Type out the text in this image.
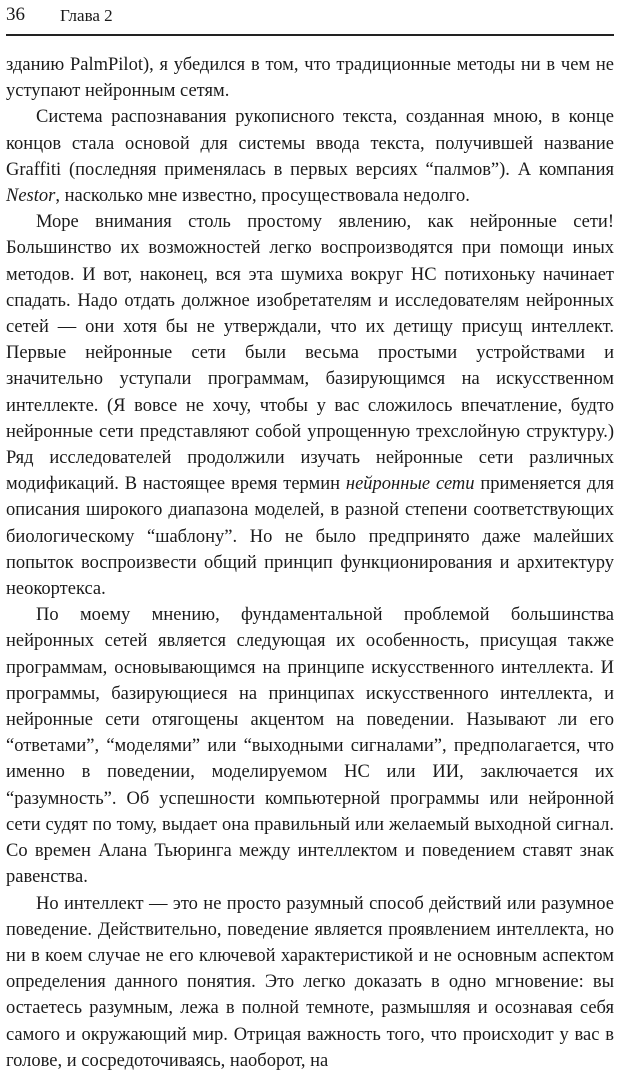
36 Глава 2

зданию PalmPilot), я убедился в том, что традиционные методы ни в чем не уступают нейронным сетям.

Система распознавания рукописного текста, созданная мною, в конце концов стала основой для системы ввода текста, получившей название Graffiti (последняя применялась в первых версиях “палмов”). А компания Nestor, насколько мне известно, просуществовала недолго.

Море внимания столь простому явлению, как нейронные сети! Большинство их возможностей легко воспроизводятся при помощи иных методов. И вот, наконец, вся эта шумиха вокруг НС потихоньку начинает спадать. Надо отдать должное изобретателям и исследователям нейронных сетей — они хотя бы не утверждали, что их детищу присущ интеллект. Первые нейронные сети были весьма простыми устройствами и значительно уступали программам, базирующимся на искусственном интеллекте. (Я вовсе не хочу, чтобы у вас сложилось впечатление, будто нейронные сети представляют собой упрощенную трехслойную структуру.) Ряд исследователей продолжили изучать нейронные сети различных модификаций. В настоящее время термин нейронные сети применяется для описания широкого диапазона моделей, в разной степени соответствующих биологическому “шаблону”. Но не было предпринято даже малейших попыток воспроизвести общий принцип функционирования и архитектуру неокортекса.

По моему мнению, фундаментальной проблемой большинства нейронных сетей является следующая их особенность, присущая также программам, основывающимся на принципе искусственного интеллекта. И программы, базирующиеся на принципах искусственного интеллекта, и нейронные сети отягощены акцентом на поведении. Называют ли его “ответами”, “моделями” или “выходными сигналами”, предполагается, что именно в поведении, моделируемом НС или ИИ, заключается их “разумность”. Об успешности компьютерной программы или нейронной сети судят по тому, выдает она правильный или желаемый выходной сигнал. Со времен Алана Тьюринга между интеллектом и поведением ставят знак равенства.

Но интеллект — это не просто разумный способ действий или разумное поведение. Действительно, поведение является проявлением интеллекта, но ни в коем случае не его ключевой характеристикой и не основным аспектом определения данного понятия. Это легко доказать в одно мгновение: вы остаетесь разумным, лежа в полной темноте, размышляя и осознавая себя самого и окружающий мир. Отрицая важность того, что происходит у вас в голове, и сосредоточиваясь, наоборот, на
